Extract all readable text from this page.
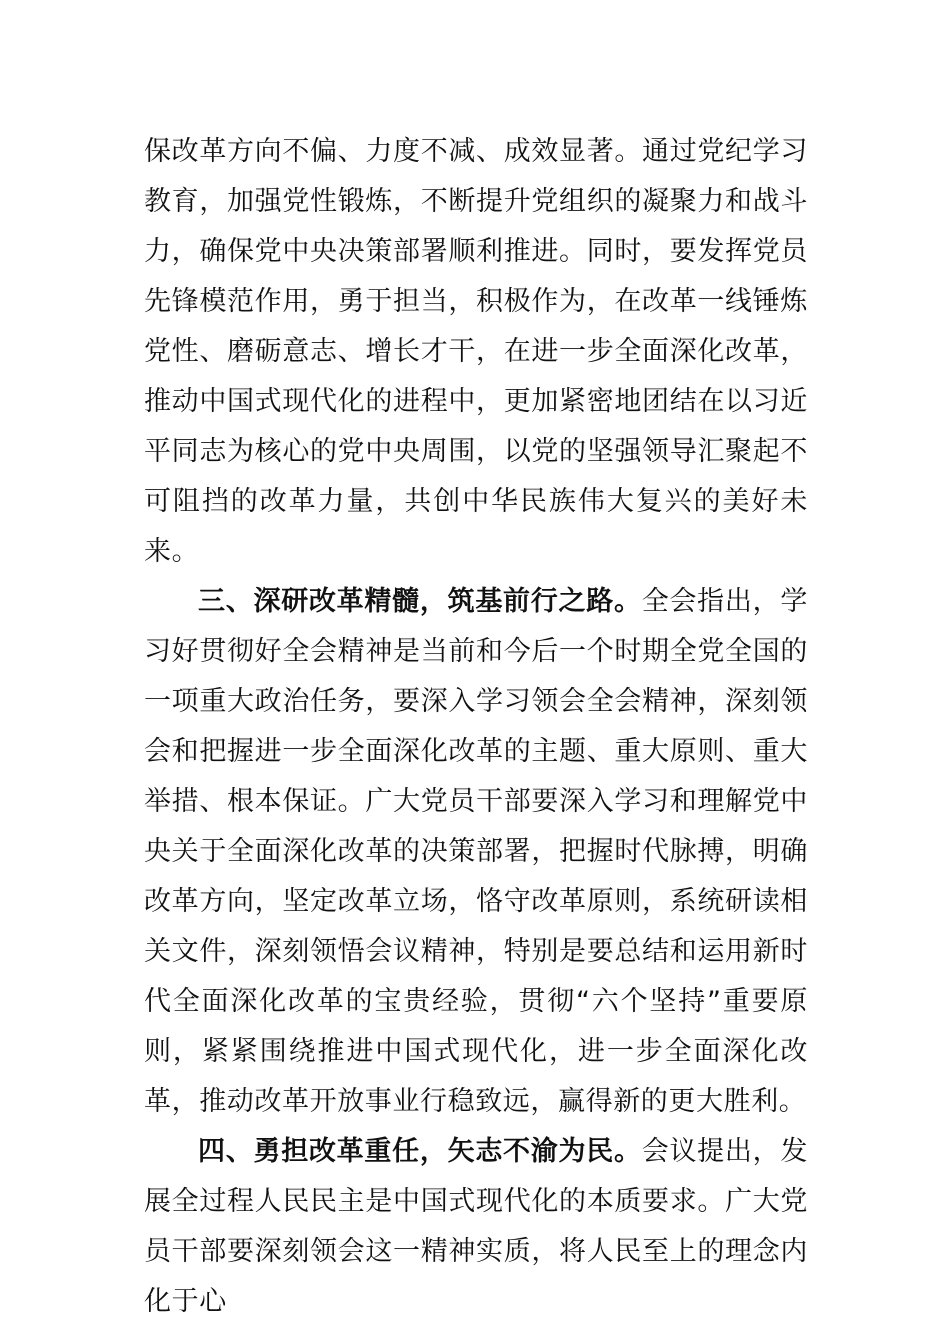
保改革方向不偏、力度不减、成效显著。通过党纪学习教育，加强党性锻炼，不断提升党组织的凝聚力和战斗力，确保党中央决策部署顺利推进。同时，要发挥党员先锋模范作用，勇于担当，积极作为，在改革一线锤炼党性、磨砺意志、增长才干，在进一步全面深化改革，推动中国式现代化的进程中，更加紧密地团结在以习近平同志为核心的党中央周围，以党的坚强领导汇聚起不可阻挡的改革力量，共创中华民族伟大复兴的美好未来。

三、深研改革精髓，筑基前行之路。全会指出，学习好贯彻好全会精神是当前和今后一个时期全党全国的一项重大政治任务，要深入学习领会全会精神，深刻领会和把握进一步全面深化改革的主题、重大原则、重大举措、根本保证。广大党员干部要深入学习和理解党中央关于全面深化改革的决策部署，把握时代脉搏，明确改革方向，坚定改革立场，恪守改革原则，系统研读相关文件，深刻领悟会议精神，特别是要总结和运用新时代全面深化改革的宝贵经验，贯彻“六个坚持”重要原则，紧紧围绕推进中国式现代化，进一步全面深化改革，推动改革开放事业行稳致远，赢得新的更大胜利。

四、勇担改革重任，矢志不渝为民。会议提出，发展全过程人民民主是中国式现代化的本质要求。广大党员干部要深刻领会这一精神实质，将人民至上的理念内化于心
